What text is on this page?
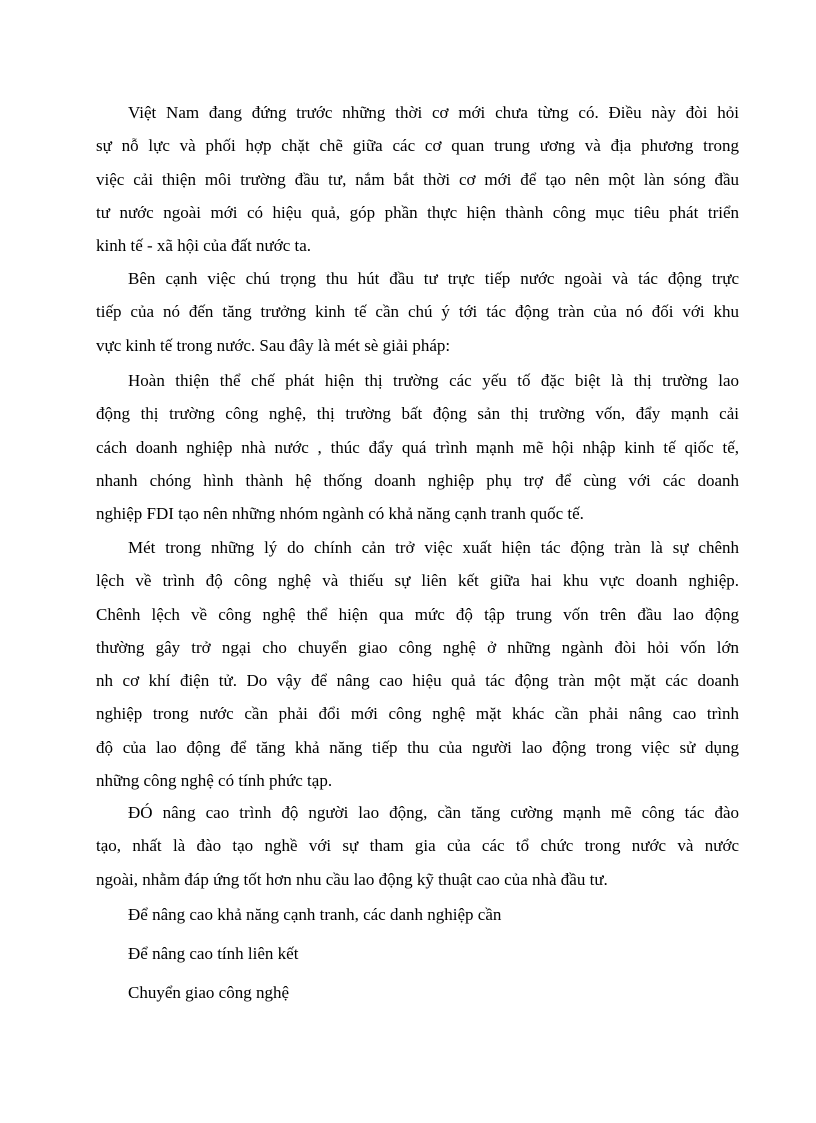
Việt Nam đang đứng trước những thời cơ mới chưa từng có. Điều này đòi hỏi
sự nỗ lực và phối hợp chặt chẽ giữa các cơ quan trung ương và địa phương trong
việc cải thiện môi trường đầu tư, nắm bắt thời cơ mới để tạo nên một làn sóng đầu
tư nước ngoài mới có hiệu quả, góp phần thực hiện thành công mục tiêu phát triển
kinh tế - xã hội của đất nước ta.
Bên cạnh việc chú trọng thu hút đầu tư trực tiếp nước ngoài và tác động trực
tiếp của nó đến tăng trưởng kinh tế cần chú ý tới tác động tràn của nó đối với khu
vực kinh tế trong nước. Sau đây là mét sè giải pháp:
Hoàn thiện thể chế phát hiện thị trường các yếu tố đặc biệt là thị trường lao
động thị trường công nghệ, thị trường bất động sản thị trường vốn, đẩy mạnh cải
cách doanh nghiệp nhà nước , thúc đẩy quá trình mạnh mẽ hội nhập kinh tế qiốc tế,
nhanh chóng hình thành hệ thống doanh nghiệp phụ trợ để cùng với các doanh
nghiệp FDI tạo nên những nhóm ngành có khả năng cạnh tranh quốc tế.
Mét trong những lý do chính cản trở việc xuất hiện tác động tràn là sự chênh
lệch về trình độ công nghệ và thiếu sự liên kết giữa hai khu vực doanh nghiệp.
Chênh lệch về công nghệ thể hiện qua mức độ tập trung vốn trên đầu lao động
thường gây trở ngại cho chuyển giao công nghệ ở những ngành đòi hỏi vốn lớn
nh cơ khí điện tử. Do vậy để nâng cao hiệu quả tác động tràn một mặt các doanh
nghiệp trong nước cần phải đổi mới công nghệ mặt khác cần phải nâng cao trình
độ của lao động để tăng khả năng tiếp thu của người lao động trong việc sử dụng
những công nghệ có tính phức tạp.
ĐÓ nâng cao trình độ người lao động, cần tăng cường mạnh mẽ công tác đào
tạo, nhất là đào tạo nghề với sự tham gia của các tổ chức trong nước và nước
ngoài, nhằm đáp ứng tốt hơn nhu cầu lao động kỹ thuật cao của nhà đầu tư.
Để nâng cao khả năng cạnh tranh, các danh nghiệp cần
Để nâng cao tính liên kết
Chuyển giao công nghệ
